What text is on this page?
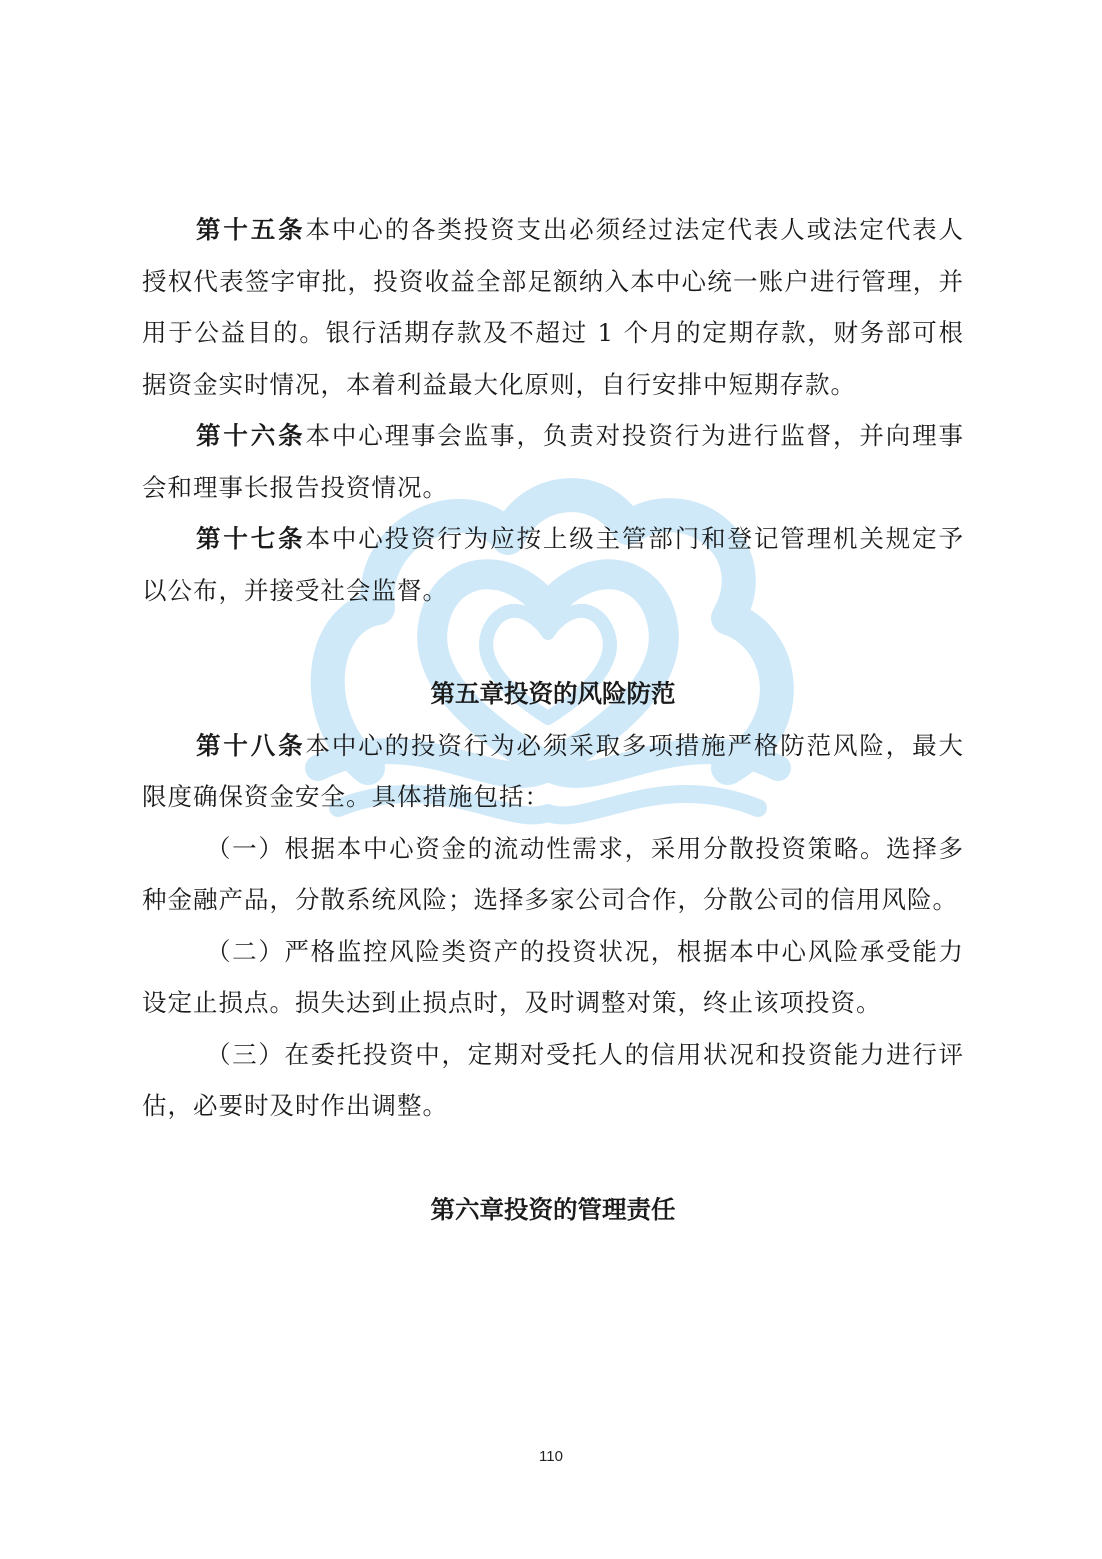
第十五条本中心的各类投资支出必须经过法定代表人或法定代表人授权代表签字审批，投资收益全部足额纳入本中心统一账户进行管理，并用于公益目的。银行活期存款及不超过 1 个月的定期存款，财务部可根据资金实时情况，本着利益最大化原则，自行安排中短期存款。

第十六条本中心理事会监事，负责对投资行为进行监督，并向理事会和理事长报告投资情况。

第十七条本中心投资行为应按上级主管部门和登记管理机关规定予以公布，并接受社会监督。

第五章投资的风险防范

第十八条本中心的投资行为必须采取多项措施严格防范风险，最大限度确保资金安全。具体措施包括：

（一）根据本中心资金的流动性需求，采用分散投资策略。选择多种金融产品，分散系统风险；选择多家公司合作，分散公司的信用风险。

（二）严格监控风险类资产的投资状况，根据本中心风险承受能力设定止损点。损失达到止损点时，及时调整对策，终止该项投资。

（三）在委托投资中，定期对受托人的信用状况和投资能力进行评估，必要时及时作出调整。

第六章投资的管理责任
110
